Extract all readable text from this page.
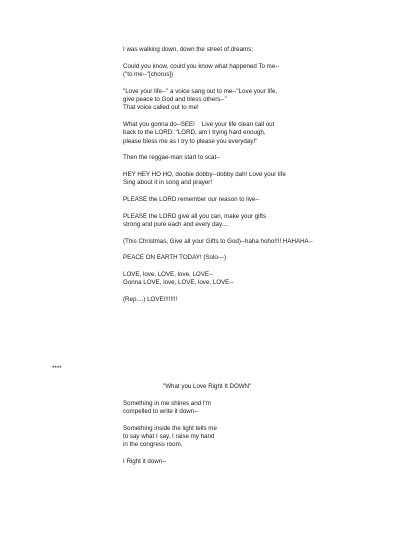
I was walking down, down the street of dreams;
Could you know, could you know what happened To me--
("to me--"[chorus])
"Love your life--" a voice sang out to me--"Love your life,
give peace to God and bless others--"
That voice called out to me!
What you gonna do--SEE!    Live your life clean call out
back to the LORD: "LORD, am I trying hard enough,
please bless me as I try to please you everyday!"
Then the reggae-man start to scat--
HEY HEY HO HO, doobie dobby--dobby dah! Love your life
Sing about it in song and prayer!
PLEASE the LORD remember our reason to live--
PLEASE the LORD give all you can, make your gifts
strong and pure each and every day....
(This Christmas, Give all your Gifts to God)--haha hoho!!!! HAHAHA--
PEACE ON EARTH TODAY! (Solo---)
LOVE, love, LOVE, love, LOVE--
Gonna LOVE, love, LOVE, love, LOVE--
(Rep....) LOVE!!!!!!!!
****
"What you Love Right It DOWN"
Something in me shines and I'm
compelled to write it down--
Something inside the light tells me
to say what I say, I raise my hand
in the congress room,
I Right it down--
